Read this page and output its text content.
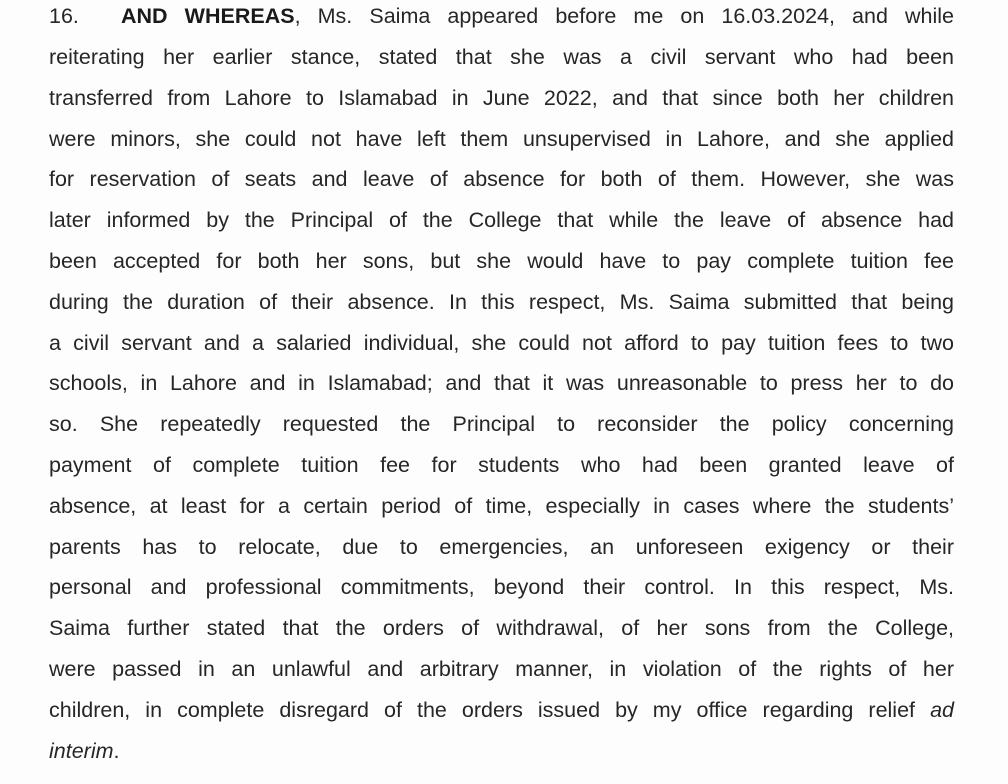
16. AND WHEREAS, Ms. Saima appeared before me on 16.03.2024, and while
reiterating her earlier stance, stated that she was a civil servant who had been
transferred from Lahore to Islamabad in June 2022, and that since both her children
were minors, she could not have left them unsupervised in Lahore, and she applied
for reservation of seats and leave of absence for both of them. However, she was
later informed by the Principal of the College that while the leave of absence had
been accepted for both her sons, but she would have to pay complete tuition fee
during the duration of their absence. In this respect, Ms. Saima submitted that being
a civil servant and a salaried individual, she could not afford to pay tuition fees to two
schools, in Lahore and in Islamabad; and that it was unreasonable to press her to do
so. She repeatedly requested the Principal to reconsider the policy concerning
payment of complete tuition fee for students who had been granted leave of
absence, at least for a certain period of time, especially in cases where the students’
parents has to relocate, due to emergencies, an unforeseen exigency or their
personal and professional commitments, beyond their control. In this respect, Ms.
Saima further stated that the orders of withdrawal, of her sons from the College,
were passed in an unlawful and arbitrary manner, in violation of the rights of her
children, in complete disregard of the orders issued by my office regarding relief ad
interim.
